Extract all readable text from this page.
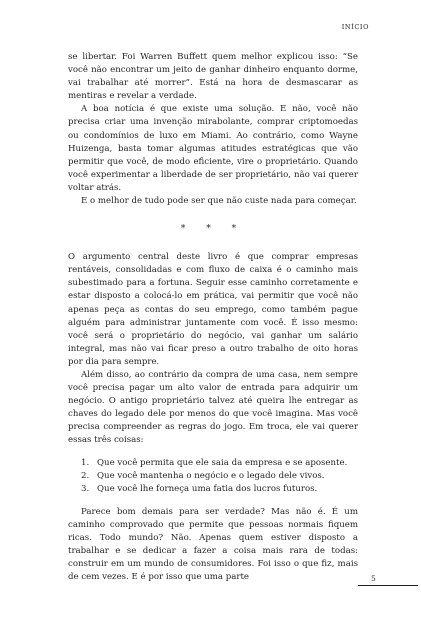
INÍCIO

se libertar. Foi Warren Buffett quem melhor explicou isso: “Se você não encontrar um jeito de ganhar dinheiro enquanto dorme, vai trabalhar até morrer”. Está na hora de desmascarar as mentiras e revelar a verdade.

A boa notícia é que existe uma solução. E não, você não precisa criar uma invenção mirabolante, comprar criptomoedas ou condomínios de luxo em Miami. Ao contrário, como Wayne Huizenga, basta tomar algumas atitudes estratégicas que vão permitir que você, de modo eficiente, vire o proprietário. Quando você experimentar a liberdade de ser proprietário, não vai querer voltar atrás.

E o melhor de tudo pode ser que não custe nada para começar.

* * *

O argumento central deste livro é que comprar empresas rentáveis, consolidadas e com fluxo de caixa é o caminho mais subestimado para a fortuna. Seguir esse caminho corretamente e estar disposto a colocá-lo em prática, vai permitir que você não apenas peça as contas do seu emprego, como também pague alguém para administrar juntamente com você. É isso mesmo: você será o proprietário do negócio, vai ganhar um salário integral, mas não vai ficar preso a outro trabalho de oito horas por dia para sempre.

Além disso, ao contrário da compra de uma casa, nem sempre você precisa pagar um alto valor de entrada para adquirir um negócio. O antigo proprietário talvez até queira lhe entregar as chaves do legado dele por menos do que você imagina. Mas você precisa compreender as regras do jogo. Em troca, ele vai querer essas três coisas:

1. Que você permita que ele saia da empresa e se aposente.
2. Que você mantenha o negócio e o legado dele vivos.
3. Que você lhe forneça uma fatia dos lucros futuros.

Parece bom demais para ser verdade? Mas não é. É um caminho comprovado que permite que pessoas normais fiquem ricas. Todo mundo? Não. Apenas quem estiver disposto a trabalhar e se dedicar a fazer a coisa mais rara de todas: construir em um mundo de consumidores. Foi isso o que fiz, mais de cem vezes. E é por isso que uma parte	5
